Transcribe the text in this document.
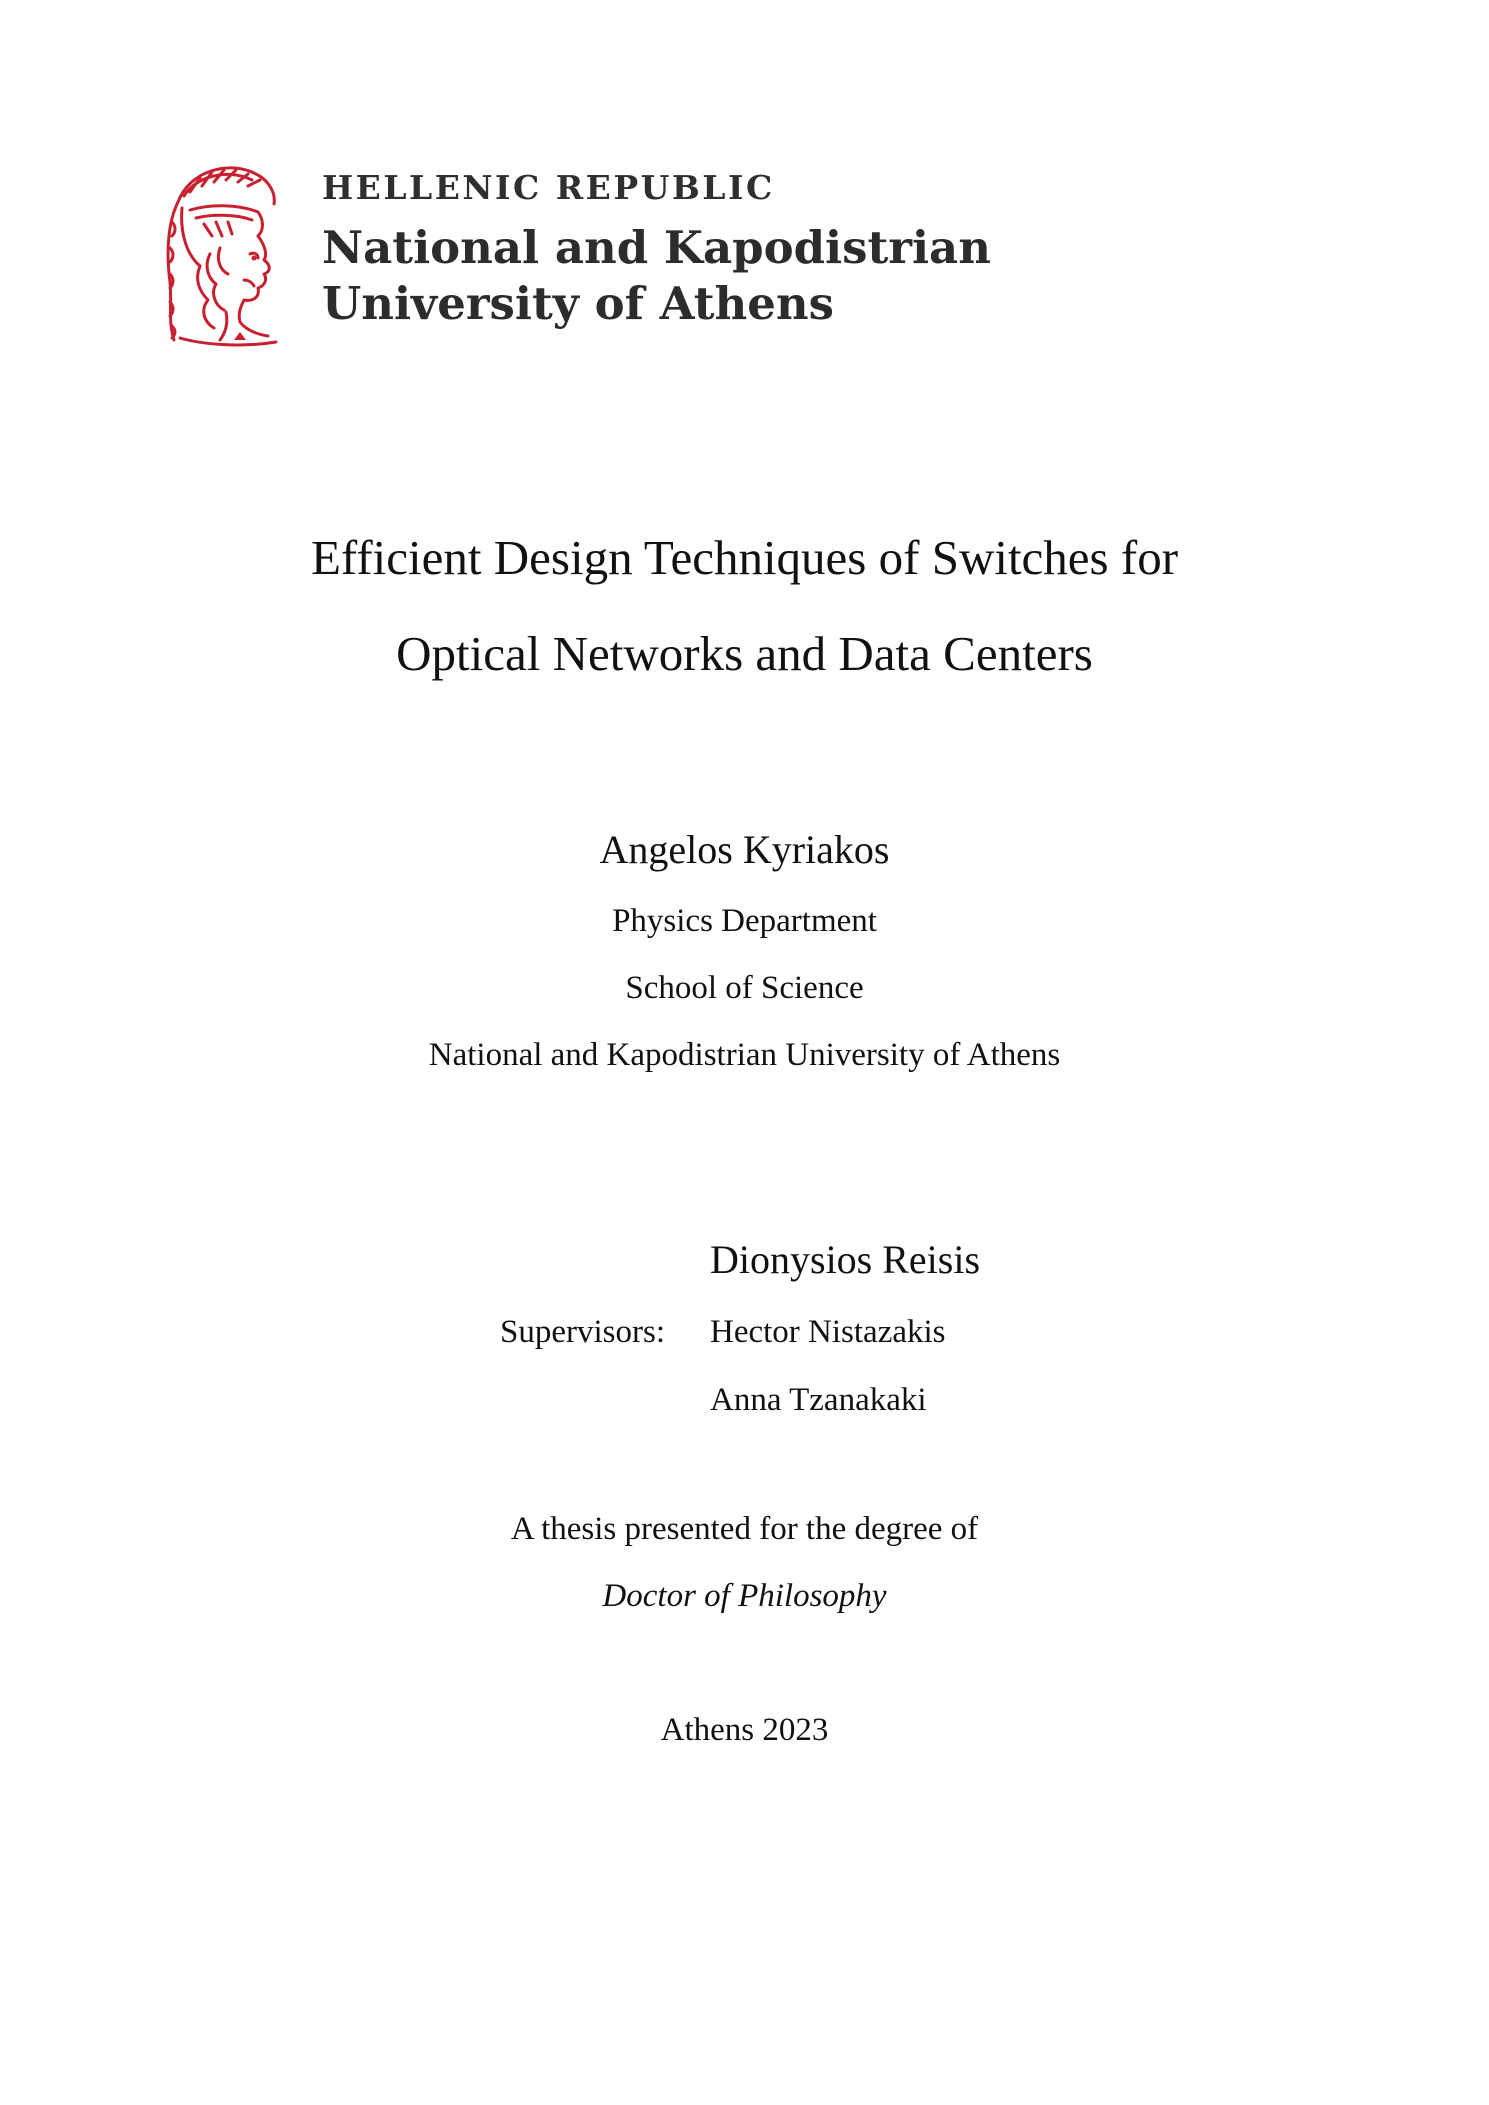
HELLENIC REPUBLIC
National and Kapodistrian
University of Athens
Efficient Design Techniques of Switches for
Optical Networks and Data Centers
Angelos Kyriakos
Physics Department
School of Science
National and Kapodistrian University of Athens
Supervisors:
Dionysios Reisis
Hector Nistazakis
Anna Tzanakaki
A thesis presented for the degree of
Doctor of Philosophy
Athens 2023
